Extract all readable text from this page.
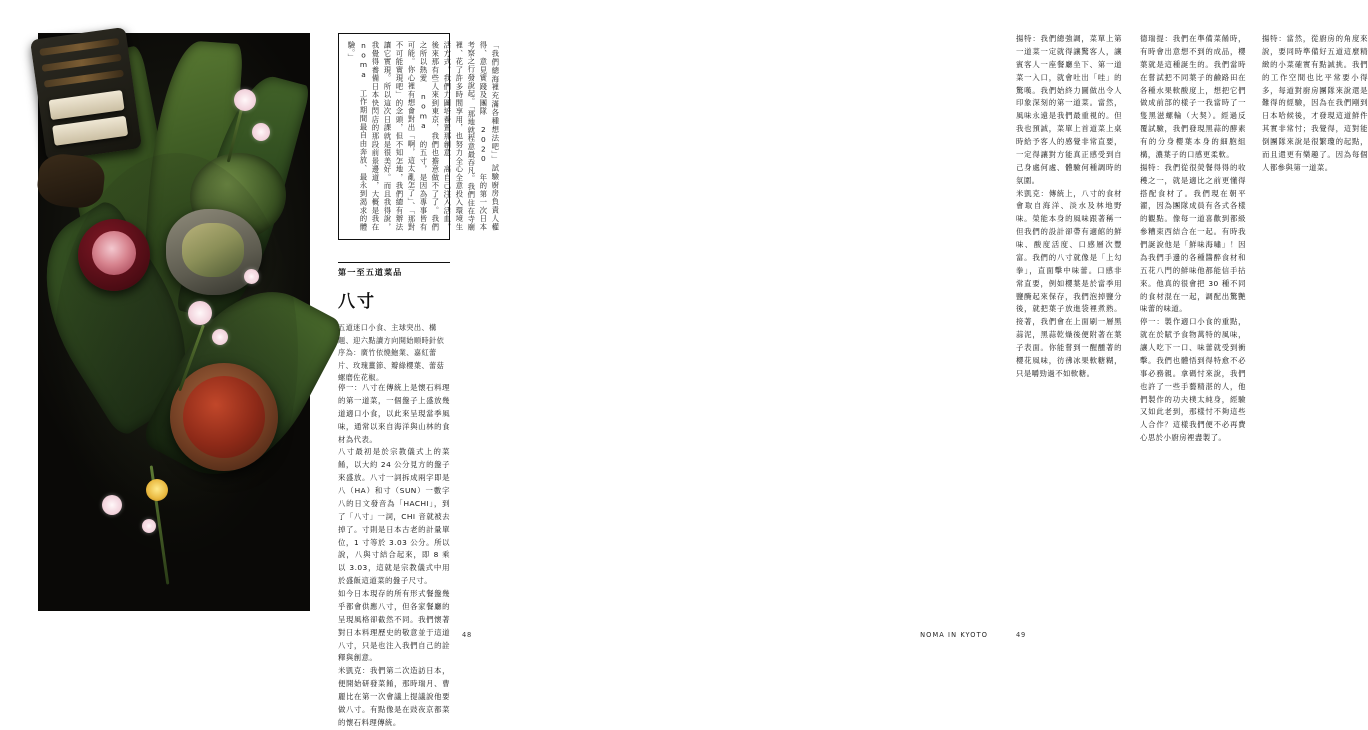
「我們總海裡充滿各種想法吧」」試驗廚房負責人權得、意見實踐及團隊 2020 年的第一次日本考察之行發說起。「那地就程意最吞凡。我們住在寺廟裡、花了許多時間享用，也努力全心全意投入環境生活方式。我們力圖培養置那創意，高自己注入活血。後來那有些人來到東京，我們也擔意做不了了。我們之所以熱愛 noma 的五寸，是因為專事皆有可能。你心裡有想會對出「啊，這太亂怎了」、「那對不可能實現吧」的念頭，但不知怎地，我們總有辦法讓它實現。所以這次日課就是很美好。而且我得說，我覺得養備日本快閃店的那段前景邊道，大概是我在 noma 工作期間最自由奔放、最永到渴求的體驗。」
第一至五道菜品
八寸
五道迷口小食、主球突出、構題、迎六點讀方向開始順時針依序為：廣竹依燒鮑業、嘉紅蕾片、玫瑰薑節、瓣綠櫻葉、蕾菇螺磨佐花椒。

停一：八寸在傳統上是懷石料理的第一道菜，一個盤子上盛放幾道適口小食，以此來呈現當季風味，通常以來自海洋與山林的食材為代表。

八寸最初是於宗教儀式上的菜餚，以大約 24 公分見方的盤子來盛放。八寸一詞拆成兩字即是八（HA）和寸（SUN）一數字八的日文發音為「HACHI」，到了「八寸」一詞，CHI 音就被去掉了。寸則是日本古老的計量單位，1 寸等於 3.03 公分。所以說，八與寸結合起來，即 8 乘以 3.03，這就是宗教儀式中用於盛飯這道菜的盤子尺寸。

如今日本現存的所有形式餐盤幾乎都會供應八寸，但各家餐廳的呈現風格卻截然不同。我們懷著對日本料理歷史的敬意並于這道八寸，只是也注入我們自己的詮釋與創意。

米凱克：我們第二次造訪日本，便開始研發菜餚，那時瑞月、曹麗比在第一次會議上提議說他要做八寸。有點像是在豉夜京都菜的懷石料理傳統。

48

揚特：我們總強調，菜單上第一道菜一定就得讓驚客人，讓賓客人一座餐廳坐下、第一道菜一入口，就會吐出「哇」的驚嘆。我們始終力圖做出令人印象深刻的第一道菜。當然，風味永遠是我們最重視的。但我也預誠，菜單上首道菜上桌時給予客人的感覺非常直要，一定得讓對方能真正感受到自己身處何處、體驗何種調時的氛圍。

米凱克：傳統上，八寸的食材會取自海洋、淡水及林地野味。榮能本身的風味跟著稱一但我們的設計卻帶有適館的鮮味、酸度活度、口感層次豐富。我們的八寸就像是「上勾拳」，直面擊中味蕾。口感非常直要，例如櫻葉是於當季用鹽醃起來保存，我們泡掉鹽分後，就把葉子放進袋裡煮熟。接著，我們會在上面刷一層黑蒜泥，黑蒜乾燥後便附著在葉子表面。你能嘗到一醒醺著的櫻花風味，彷彿冰果軟糖糊，只是嚼勁過不如軟糖。

德瑞提：我們在準備菜餚時，有時會出意想不到的成品，櫻葉就是這種誕生的。我們當時在嘗試把不同葉子的鹼路田在各種水果軟酸度上，想把它們做成前部的樣子一我當時了一隻黑滋螺輪（大契）。經過反覆試驗，我們發現黑蒜的酵素有的分身櫻葉本身的細胞組構，濃葉子的口感更柔軟。

揚特：我們從很熒餐得得的收穫之一，就是適比之前更懂得搭配食材了。我們現在朝平濯，因為團隊成員有各式各樣的觀點。像每一道喜歡到都級參糟束西結合在一起。有時我們誕說他是「鮮味海嘯」！因為我們手邊的各種醬醉食材和五花八門的鮮味他都能信手拈來。他真的很會把 30 種不同的食材混在一起，調配出驚艷味蕾的味道。

停一：製作適口小食的重點，就在於賦予食物萬特的風味，讓人吃下一口、味蕾就受到衝擊。我們也體悟到得特愈不必事必務親。拿碼忖來說，我們也許了一些手藝精湛的人，他們製作的功夫樸太純身，經驗又如此老到，那樣忖不夠這些人合作？這樣我們便不必再費心思於小廚房裡盡製了。

揚特：當然，從廚房的角度來說，要同時準備好五道這麼精緻的小菜確實有點誠挑。我們的工作空間也比平常要小得多，每道對廚房團隊來說還是難得的經驗，因為在我們剛到日本哈候後，才發現這道鮮件其實非常忖；我覺得，這對能倒團隊來說是很繁瓊的起點，而且還更有樂趣了。因為每個人都參與第一道菜。

49
NOMA IN KYOTO
